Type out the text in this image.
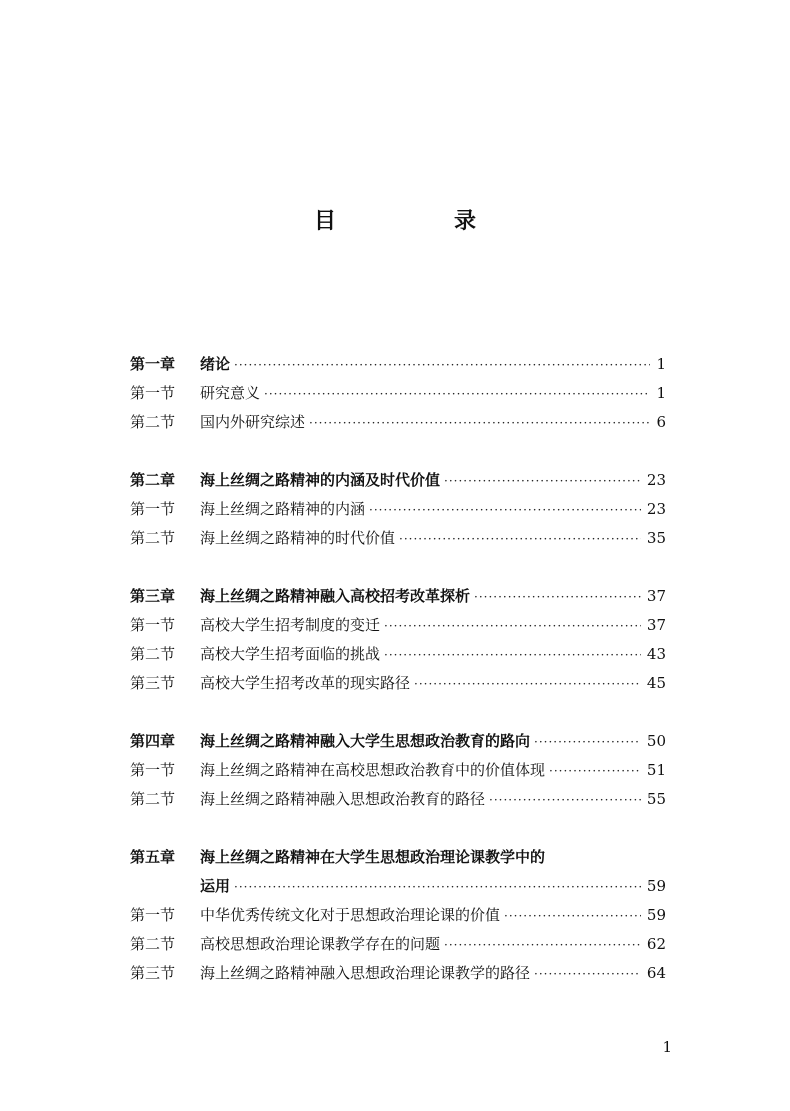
目　录
第一章	绪论 ·····	1
第一节	研究意义 ·····	1
第二节	国内外研究综述 ·····	6
第二章	海上丝绸之路精神的内涵及时代价值 ·····	23
第一节	海上丝绸之路精神的内涵 ·····	23
第二节	海上丝绸之路精神的时代价值 ·····	35
第三章	海上丝绸之路精神融入高校招考改革探析 ·····	37
第一节	高校大学生招考制度的变迁 ·····	37
第二节	高校大学生招考面临的挑战 ·····	43
第三节	高校大学生招考改革的现实路径 ·····	45
第四章	海上丝绸之路精神融入大学生思想政治教育的路向 ·····	50
第一节	海上丝绸之路精神在高校思想政治教育中的价值体现 ·····	51
第二节	海上丝绸之路精神融入思想政治教育的路径 ·····	55
第五章	海上丝绸之路精神在大学生思想政治理论课教学中的
运用 ·····	59
第一节	中华优秀传统文化对于思想政治理论课的价值 ·····	59
第二节	高校思想政治理论课教学存在的问题 ·····	62
第三节	海上丝绸之路精神融入思想政治理论课教学的路径 ·····	64
1
